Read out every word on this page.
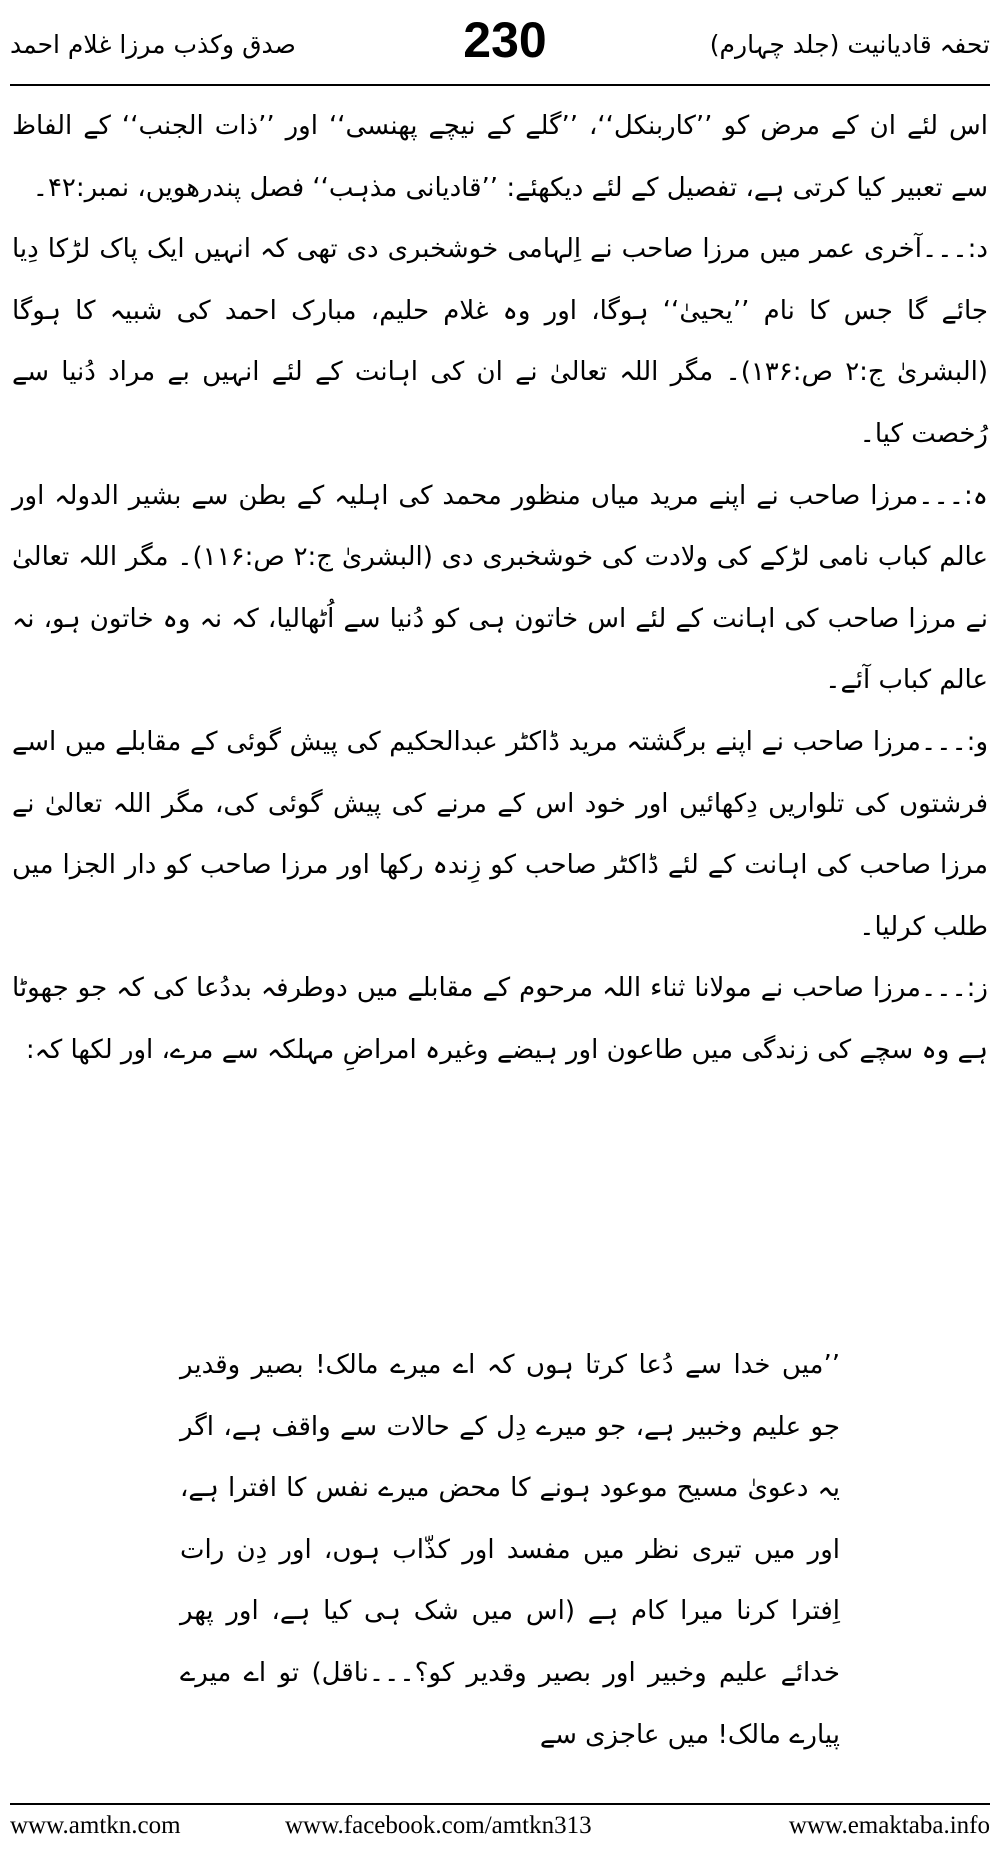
تحفہ قادیانیت (جلد چہارم)
230
صدق وکذب مرزا غلام احمد

اس لئے ان کے مرض کو ’’کاربنکل‘‘، ’’گلے کے نیچے پھنسی‘‘ اور ’’ذات الجنب‘‘ کے الفاظ سے تعبیر کیا کرتی ہے، تفصیل کے لئے دیکھئے: ’’قادیانی مذہب‘‘ فصل پندرھویں، نمبر:۴۲۔

د:۔۔۔آخری عمر میں مرزا صاحب نے اِلہامی خوشخبری دی تھی کہ انہیں ایک پاک لڑکا دِیا جائے گا جس کا نام ’’یحییٰ‘‘ ہوگا، اور وہ غلام حلیم، مبارک احمد کی شبیہ کا ہوگا (البشریٰ ج:۲ ص:۱۳۶)۔ مگر اللہ تعالیٰ نے ان کی اہانت کے لئے انہیں بے مراد دُنیا سے رُخصت کیا۔

ہ:۔۔۔مرزا صاحب نے اپنے مرید میاں منظور محمد کی اہلیہ کے بطن سے بشیر الدولہ اور عالم کباب نامی لڑکے کی ولادت کی خوشخبری دی (البشریٰ ج:۲ ص:۱۱۶)۔ مگر اللہ تعالیٰ نے مرزا صاحب کی اہانت کے لئے اس خاتون ہی کو دُنیا سے اُٹھالیا، کہ نہ وہ خاتون ہو، نہ عالم کباب آئے۔

و:۔۔۔مرزا صاحب نے اپنے برگشتہ مرید ڈاکٹر عبدالحکیم کی پیش گوئی کے مقابلے میں اسے فرشتوں کی تلواریں دِکھائیں اور خود اس کے مرنے کی پیش گوئی کی، مگر اللہ تعالیٰ نے مرزا صاحب کی اہانت کے لئے ڈاکٹر صاحب کو زِندہ رکھا اور مرزا صاحب کو دار الجزا میں طلب کرلیا۔

ز:۔۔۔مرزا صاحب نے مولانا ثناء اللہ مرحوم کے مقابلے میں دوطرفہ بددُعا کی کہ جو جھوٹا ہے وہ سچے کی زندگی میں طاعون اور ہیضے وغیرہ امراضِ مہلکہ سے مرے، اور لکھا کہ:

’’میں خدا سے دُعا کرتا ہوں کہ اے میرے مالک! بصیر وقدیر جو علیم وخبیر ہے، جو میرے دِل کے حالات سے واقف ہے، اگر یہ دعویٰ مسیح موعود ہونے کا محض میرے نفس کا افترا ہے، اور میں تیری نظر میں مفسد اور کذّاب ہوں، اور دِن رات اِفترا کرنا میرا کام ہے (اس میں شک ہی کیا ہے، اور پھر خدائے علیم وخبیر اور بصیر وقدیر کو؟۔۔۔ناقل) تو اے میرے پیارے مالک! میں عاجزی سے

www.amtkn.com	www.facebook.com/amtkn313	www.emaktaba.info
